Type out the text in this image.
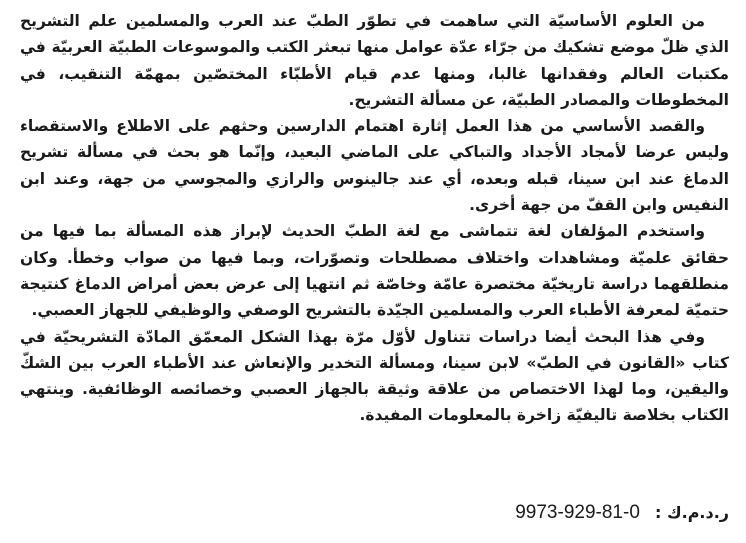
من العلوم الأساسيّة التي ساهمت في تطوّر الطبّ عند العرب والمسلمين علم التشريح الذي ظلّ موضع تشكيك من جرّاء عدّة عوامل منها تبعثر الكتب والموسوعات الطبيّة العربيّة في مكتبات العالم وفقدانها غالبا، ومنها عدم قيام الأطبّاء المختصّين بمهمّة التنقيب، في المخطوطات والمصادر الطبيّة، عن مسألة التشريح.

والقصد الأساسي من هذا العمل إثارة اهتمام الدارسين وحثهم على الاطلاع والاستقصاء وليس عرضا لأمجاد الأجداد والتباكي على الماضي البعيد، وإنّما هو بحث في مسألة تشريح الدماغ عند ابن سينا، قبله وبعده، أي عند جالينوس والرازي والمجوسي من جهة، وعند ابن النفيس وابن القفّ من جهة أخرى.

واستخدم المؤلفان لغة تتماشى مع لغة الطبّ الحديث لإبراز هذه المسألة بما فيها من حقائق علميّة ومشاهدات واختلاف مصطلحات وتصوّرات، وبما فيها من صواب وخطأ. وكان منطلقهما دراسة تاريخيّة مختصرة عامّة وخاصّة ثم انتهيا إلى عرض بعض أمراض الدماغ كنتيجة حتميّة لمعرفة الأطباء العرب والمسلمين الجيّدة بالتشريح الوصفي والوظيفي للجهاز العصبي.

وفي هذا البحث أيضا دراسات تتناول لأوّل مرّة بهذا الشكل المعمّق المادّة التشريحيّة في كتاب «القانون في الطبّ» لابن سينا، ومسألة التخدير والإنعاش عند الأطباء العرب بين الشكّ واليقين، وما لهذا الاختصاص من علاقة وثيقة بالجهاز العصبي وخصائصه الوظائفية. وينتهي الكتاب بخلاصة تاليفيّة زاخرة بالمعلومات المفيدة.

ر.د.م.ك : 9973-929-81-0
